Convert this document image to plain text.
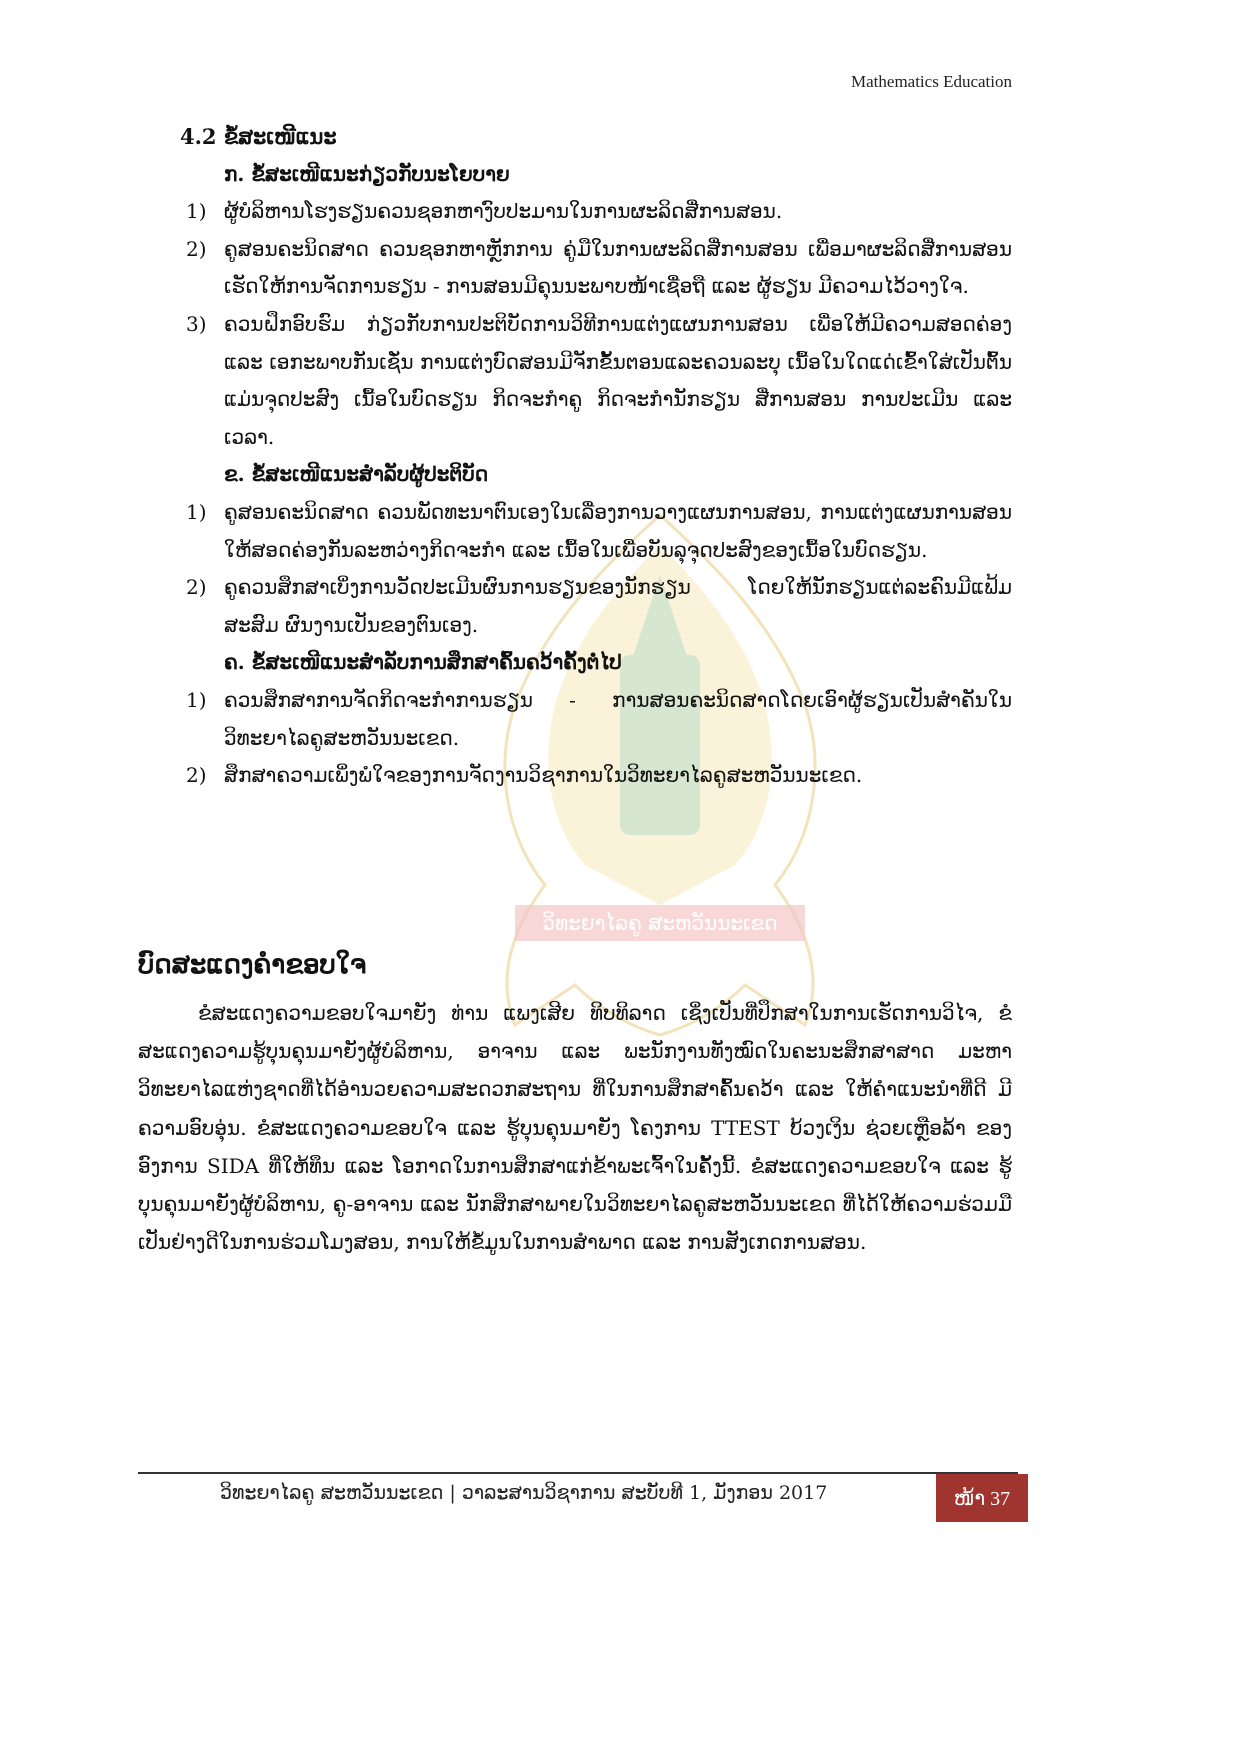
Mathematics Education
ວິທະຍາໄລຄູ ສະຫວັນນະເຂດ

4.2 ຂໍ້ສະເໜີແນະ

ກ. ຂໍ້ສະເໜີແນະກ່ຽວກັບນະໂຍບາຍ

1) ຜູ້ບໍລິຫານໂຮງຮຽນຄວນຊອກຫາງົບປະມານໃນການຜະລິດສື່ການສອນ.
2) ຄູສອນຄະນິດສາດ ຄວນຊອກຫາຫຼັກການ ຄູ່ມືໃນການຜະລິດສື່ການສອນ ເພື່ອມາຜະລິດສື່ການສອນ ເຮັດໃຫ້ການຈັດການຮຽນ - ການສອນມີຄຸນນະພາບໜ້າເຊື່ອຖື ແລະ ຜູ້ຮຽນ ມີຄວາມໄວ້ວາງໃຈ.
3) ຄວນຝຶກອົບຮົມ ກ່ຽວກັບການປະຕິບັດການວິທີການແຕ່ງແຜນການສອນ ເພື່ອໃຫ້ມີຄວາມສອດຄ່ອງ ແລະ ເອກະພາບກັນເຊັ່ນ ການແຕ່ງບົດສອນມີຈັກຂັ້ນຕອນແລະຄວນລະບຸ ເນື້ອໃນໃດແດ່ເຂົ້າໃສ່ເປັນຕົ້ນ ແມ່ນຈຸດປະສົງ ເນື້ອໃນບົດຮຽນ ກິດຈະກຳຄູ ກິດຈະກຳນັກຮຽນ ສື່ການສອນ ການປະເມີນ ແລະ ເວລາ.

ຂ. ຂໍ້ສະເໜີແນະສຳລັບຜູ້ປະຕິບັດ

1) ຄູສອນຄະນິດສາດ ຄວນພັດທະນາຕົນເອງໃນເລື່ອງການວາງແຜນການສອນ, ການແຕ່ງແຜນການສອນ ໃຫ້ສອດຄ່ອງກັນລະຫວ່າງກິດຈະກຳ ແລະ ເນື້ອໃນເພື່ອບັນລຸຈຸດປະສົງຂອງເນື້ອໃນບົດຮຽນ.
2) ຄູຄວນສຶກສາເບິ່ງການວັດປະເມີນຜົນການຮຽນຂອງນັກຮຽນ ໂດຍໃຫ້ນັກຮຽນແຕ່ລະຄົນມີແຟ້ມສະສົມ ຜົນງານເປັນຂອງຕົນເອງ.

ຄ. ຂໍ້ສະເໜີແນະສຳລັບການສຶກສາຄົ້ນຄວ້າຄັ້ງຕໍ່ໄປ

1) ຄວນສຶກສາການຈັດກິດຈະກຳການຮຽນ - ການສອນຄະນິດສາດໂດຍເອົາຜູ້ຮຽນເປັນສຳຄັນໃນວິທະຍາໄລຄູສະຫວັນນະເຂດ.
2) ສຶກສາຄວາມເພິ່ງພໍໃຈຂອງການຈັດງານວິຊາການໃນວິທະຍາໄລຄູສະຫວັນນະເຂດ.

ບົດສະແດງຄຳຂອບໃຈ

ຂໍສະແດງຄວາມຂອບໃຈມາຍັງ ທ່ານ ແພງເສີຍ ທິບທິລາດ ເຊິ່ງເປັນທີ່ປຶກສາໃນການເຮັດການວິໄຈ, ຂໍສະແດງຄວາມຮູ້ບຸນຄຸນມາຍັງຜູ້ບໍລິຫານ, ອາຈານ ແລະ ພະນັກງານທັງໝົດໃນຄະນະສຶກສາສາດ ມະຫາວິທະຍາໄລແຫ່ງຊາດທີ່ໄດ້ອຳນວຍຄວາມສະດວກສະຖານ ທີ່ໃນການສຶກສາຄົ້ນຄວ້າ ແລະ ໃຫ້ຄຳແນະນຳທີ່ດີ ມີຄວາມອົບອຸ່ນ. ຂໍສະແດງຄວາມຂອບໃຈ ແລະ ຮູ້ບຸນຄຸນມາຍັງ ໂຄງການ TTEST ບ້ວງເງິນ ຊ່ວຍເຫຼືອລ້າ ຂອງອົງການ SIDA ທີ່ໃຫ້ທຶນ ແລະ ໂອກາດໃນການສຶກສາແກ່ຂ້າພະເຈົ້າໃນຄັ້ງນີ້. ຂໍສະແດງຄວາມຂອບໃຈ ແລະ ຮູ້ບຸນຄຸນມາຍັງຜູ້ບໍລິຫານ, ຄູ-ອາຈານ ແລະ ນັກສຶກສາພາຍໃນວິທະຍາໄລຄູສະຫວັນນະເຂດ ທີ່ໄດ້ໃຫ້ຄວາມຮ່ວມມືເປັນຢ່າງດີໃນການຮ່ວມໂມງສອນ, ການໃຫ້ຂໍ້ມູນໃນການສຳພາດ ແລະ ການສັງເກດການສອນ.

ວິທະຍາໄລຄູ ສະຫວັນນະເຂດ | ວາລະສານວິຊາການ ສະບັບທີ 1, ມັງກອນ 2017	ໜ້າ 37
